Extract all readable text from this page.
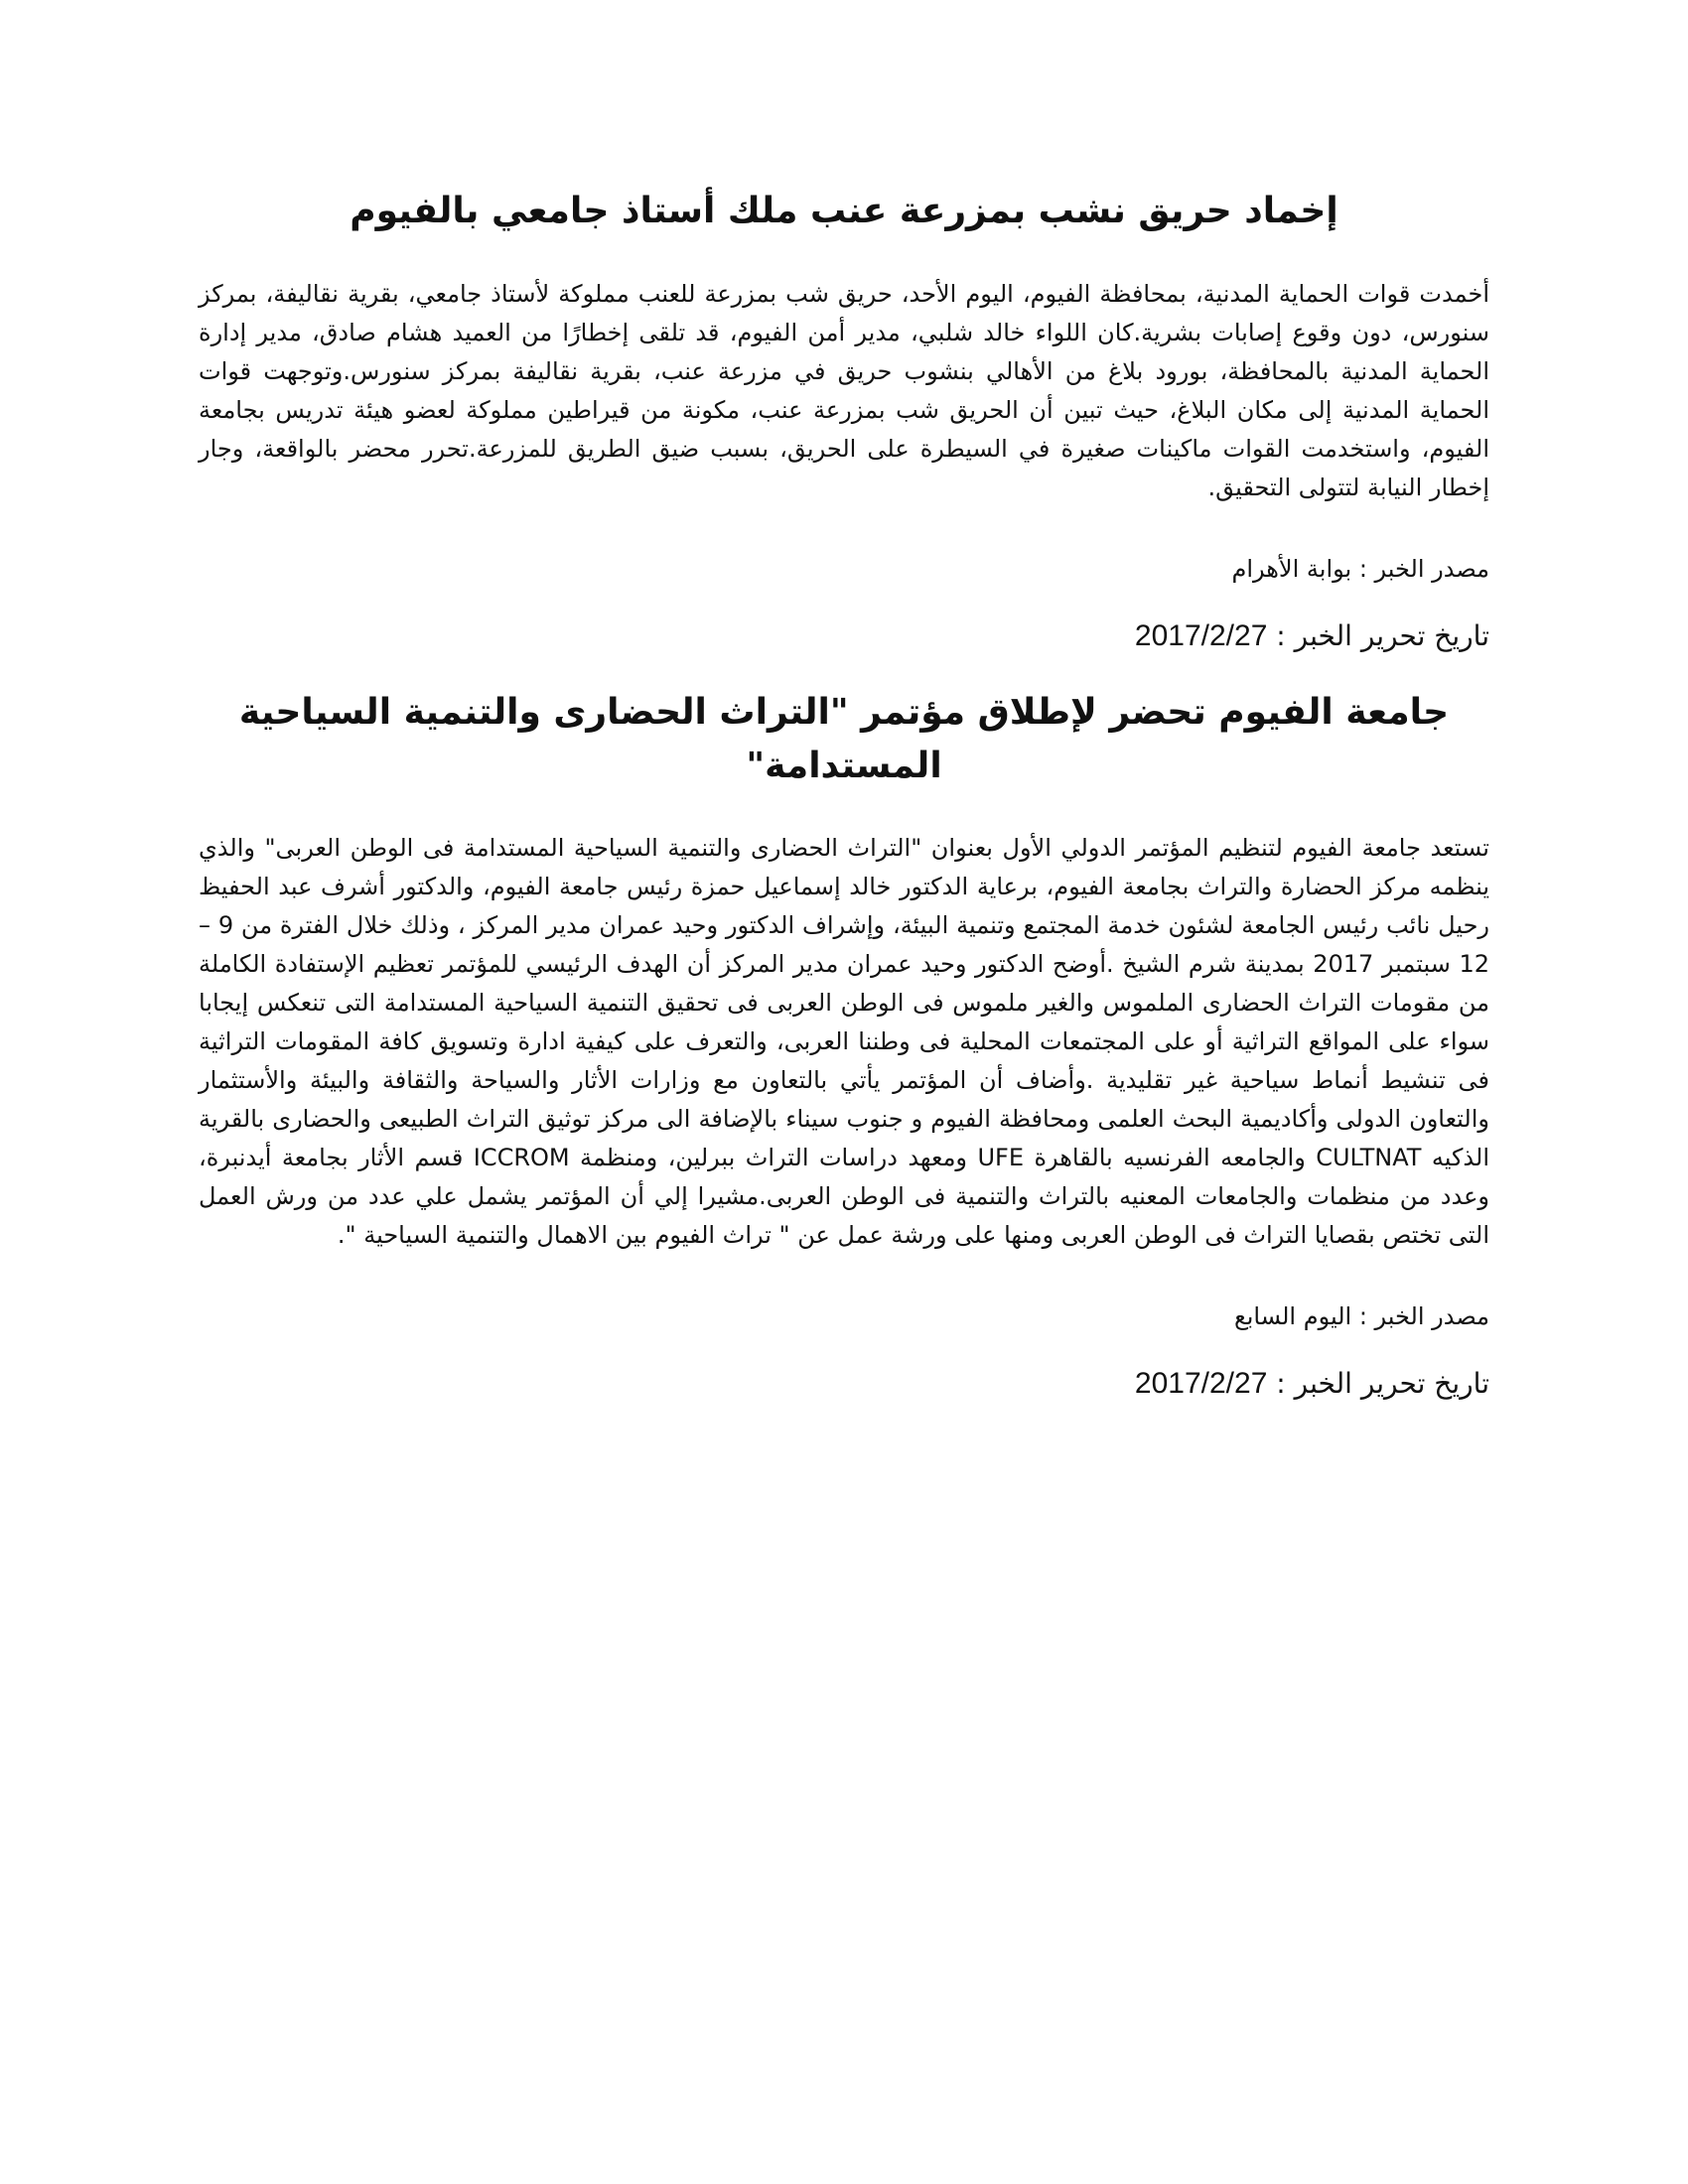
إخماد حريق نشب بمزرعة عنب ملك أستاذ جامعي بالفيوم

أخمدت قوات الحماية المدنية، بمحافظة الفيوم، اليوم الأحد، حريق شب بمزرعة للعنب مملوكة لأستاذ جامعي، بقرية نقاليفة، بمركز سنورس، دون وقوع إصابات بشرية.كان اللواء خالد شلبي، مدير أمن الفيوم، قد تلقى إخطارًا من العميد هشام صادق، مدير إدارة الحماية المدنية بالمحافظة، بورود بلاغ من الأهالي بنشوب حريق في مزرعة عنب، بقرية نقاليفة بمركز سنورس.وتوجهت قوات الحماية المدنية إلى مكان البلاغ، حيث تبين أن الحريق شب بمزرعة عنب، مكونة من قيراطين مملوكة لعضو هيئة تدريس بجامعة الفيوم، واستخدمت القوات ماكينات صغيرة في السيطرة على الحريق، بسبب ضيق الطريق للمزرعة.تحرر محضر بالواقعة، وجار إخطار النيابة لتتولى التحقيق.

مصدر الخبر : بوابة الأهرام

تاريخ تحرير الخبر : 2017/2/27

جامعة الفيوم تحضر لإطلاق مؤتمر "التراث الحضارى والتنمية السياحية المستدامة"

تستعد جامعة الفيوم لتنظيم المؤتمر الدولي الأول بعنوان "التراث الحضارى والتنمية السياحية المستدامة فى الوطن العربى" والذي ينظمه مركز الحضارة والتراث بجامعة الفيوم، برعاية الدكتور خالد إسماعيل حمزة رئيس جامعة الفيوم، والدكتور أشرف عبد الحفيظ رحيل نائب رئيس الجامعة لشئون خدمة المجتمع وتنمية البيئة، وإشراف الدكتور وحيد عمران مدير المركز ، وذلك خلال الفترة من 9 – 12 سبتمبر 2017 بمدينة شرم الشيخ .أوضح الدكتور وحيد عمران مدير المركز أن الهدف الرئيسي للمؤتمر تعظيم الإستفادة الكاملة من مقومات التراث الحضارى الملموس والغير ملموس فى الوطن العربى فى تحقيق التنمية السياحية المستدامة التى تنعكس إيجابا سواء على المواقع التراثية أو على المجتمعات المحلية فى وطننا العربى، والتعرف على كيفية ادارة وتسويق كافة المقومات التراثية فى تنشيط أنماط سياحية غير تقليدية .وأضاف أن المؤتمر يأتي بالتعاون مع وزارات الأثار والسياحة والثقافة والبيئة والأستثمار والتعاون الدولى وأكاديمية البحث العلمى ومحافظة الفيوم و جنوب سيناء بالإضافة الى مركز توثيق التراث الطبيعى والحضارى بالقرية الذكيه CULTNAT والجامعه الفرنسيه بالقاهرة UFE ومعهد دراسات التراث ببرلين، ومنظمة ICCROM قسم الأثار بجامعة أيدنبرة، وعدد من منظمات والجامعات المعنيه بالتراث والتنمية فى الوطن العربى.مشيرا إلي أن المؤتمر يشمل علي عدد من ورش العمل التى تختص بقصايا التراث فى الوطن العربى ومنها على ورشة عمل عن " تراث الفيوم بين الاهمال والتنمية السياحية ".

مصدر الخبر : اليوم السابع

تاريخ تحرير الخبر : 2017/2/27
